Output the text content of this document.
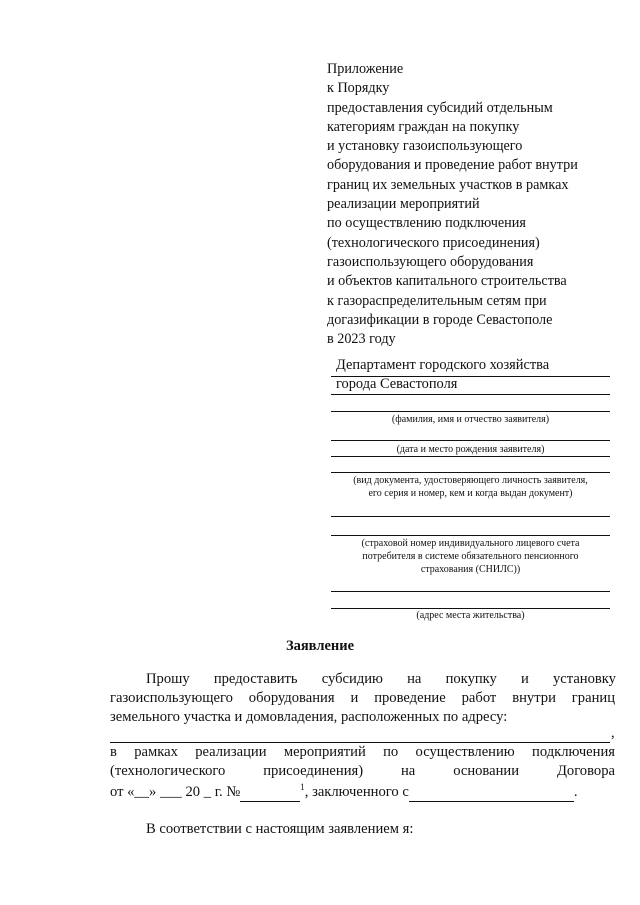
Приложение
к Порядку
предоставления субсидий отдельным
категориям граждан на покупку
и установку газоиспользующего
оборудования и проведение работ внутри
границ их земельных участков в рамках
реализации мероприятий
по осуществлению подключения
(технологического присоединения)
газоиспользующего оборудования
и объектов капитального строительства
к газораспределительным сетям при
догазификации в городе Севастополе
в 2023 году
Департамент городского хозяйства
города Севастополя
(фамилия, имя и отчество заявителя)
(дата и место рождения заявителя)
(вид документа, удостоверяющего личность заявителя,
его серия и номер, кем и когда выдан документ)
(страховой номер индивидуального лицевого счета
потребителя в системе обязательного пенсионного
страхования (СНИЛС))
(адрес места жительства)
Заявление
Прошу предоставить субсидию на покупку и установку
газоиспользующего оборудования и проведение работ внутри границ
земельного участка и домовладения, расположенных по адресу:
,
в рамках реализации мероприятий по осуществлению подключения
(технологического	присоединения)	на	основании	Договора
от «__» ___ 20 _ г. №	$^1$, заключенного с	.
В соответствии с настоящим заявлением я:
